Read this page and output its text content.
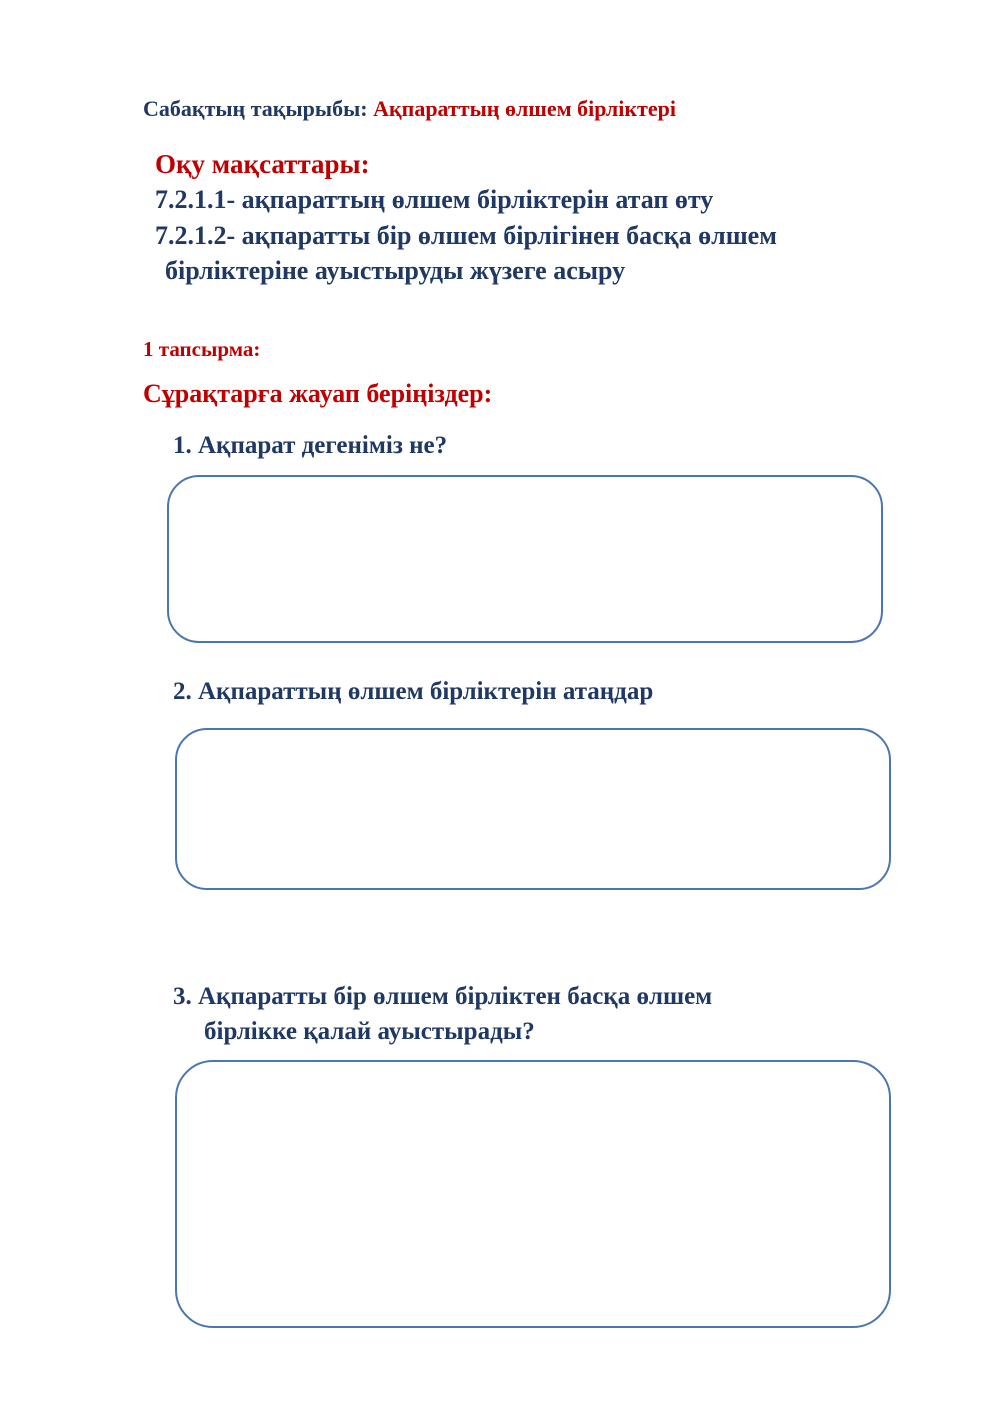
Сабақтың тақырыбы: Ақпараттың өлшем бірліктері
Оқу мақсаттары:
7.2.1.1- ақпараттың өлшем бірліктерін атап өту
7.2.1.2- ақпаратты бір өлшем бірлігінен басқа өлшем
бірліктеріне ауыстыруды жүзеге асыру
1 тапсырма:
Сұрақтарға жауап беріңіздер:
1. Ақпарат дегеніміз не?
2. Ақпараттың өлшем бірліктерін атаңдар
3. Ақпаратты бір өлшем бірліктен басқа өлшем
бірлікке қалай ауыстырады?
